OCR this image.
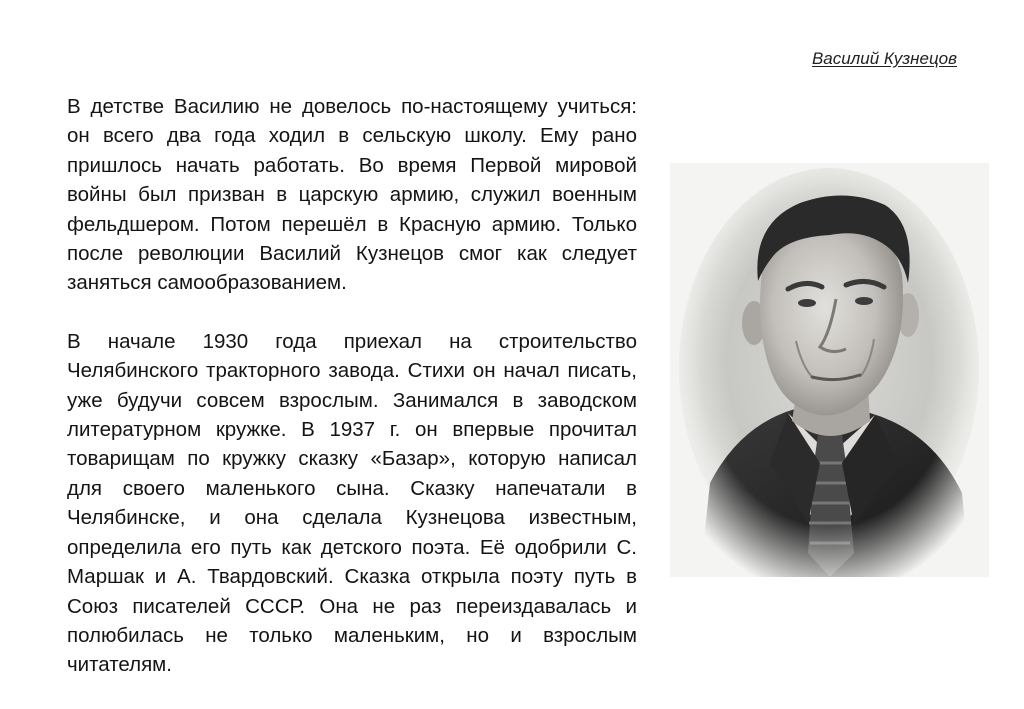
Василий Кузнецов

В детстве Василию не довелось по-настоящему учиться: он всего два года ходил в сельскую школу. Ему рано пришлось начать работать. Во время Первой мировой войны был призван в царскую армию, служил военным фельдшером. Потом перешёл в Красную армию. Только после революции Василий Кузнецов смог как следует заняться самообразованием.

В начале 1930 года приехал на строительство Челябинского тракторного завода. Стихи он начал писать, уже будучи совсем взрослым. Занимался в заводском литературном кружке. В 1937 г. он впервые прочитал товарищам по кружку сказку «Базар», которую написал для своего маленького сына. Сказку напечатали в Челябинске, и она сделала Кузнецова известным, определила его путь как детского поэта. Её одобрили С. Маршак и А. Твардовский. Сказка открыла поэту путь в Союз писателей СССР. Она не раз переиздавалась и полюбилась не только маленьким, но и взрослым читателям.
